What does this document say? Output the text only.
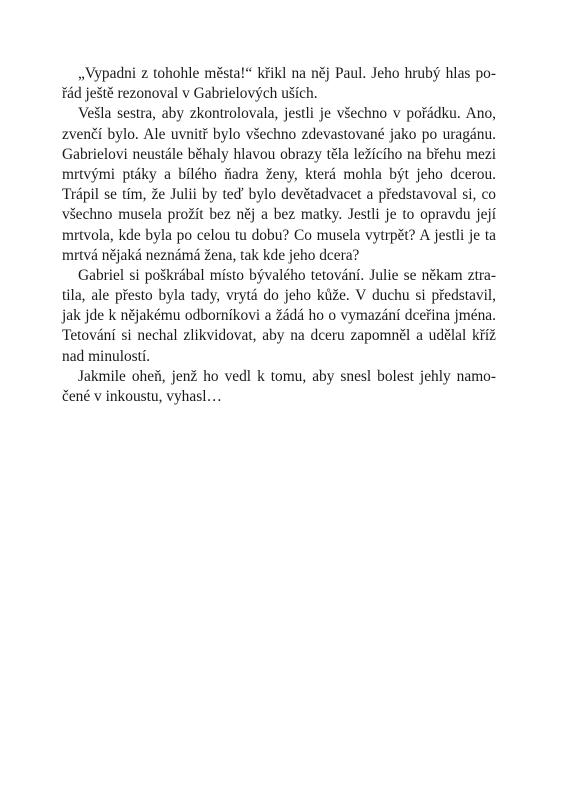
„Vypadni z tohohle města!“ křikl na něj Paul. Jeho hrubý hlas po-
řád ještě rezonoval v Gabrielových uších.
Vešla sestra, aby zkontrolovala, jestli je všechno v pořádku. Ano,
zvenčí bylo. Ale uvnitř bylo všechno zdevastované jako po uragánu.
Gabrielovi neustále běhaly hlavou obrazy těla ležícího na břehu mezi
mrtvými ptáky a bílého ňadra ženy, která mohla být jeho dcerou.
Trápil se tím, že Julii by teď bylo devětadvacet a představoval si, co
všechno musela prožít bez něj a bez matky. Jestli je to opravdu její
mrtvola, kde byla po celou tu dobu? Co musela vytrpět? A jestli je ta
mrtvá nějaká neznámá žena, tak kde jeho dcera?
Gabriel si poškrábal místo bývalého tetování. Julie se někam ztra-
tila, ale přesto byla tady, vrytá do jeho kůže. V duchu si představil,
jak jde k nějakému odborníkovi a žádá ho o vymazání dceřina jména.
Tetování si nechal zlikvidovat, aby na dceru zapomněl a udělal kříž
nad minulostí.
Jakmile oheň, jenž ho vedl k tomu, aby snesl bolest jehly namo-
čené v inkoustu, vyhasl…
